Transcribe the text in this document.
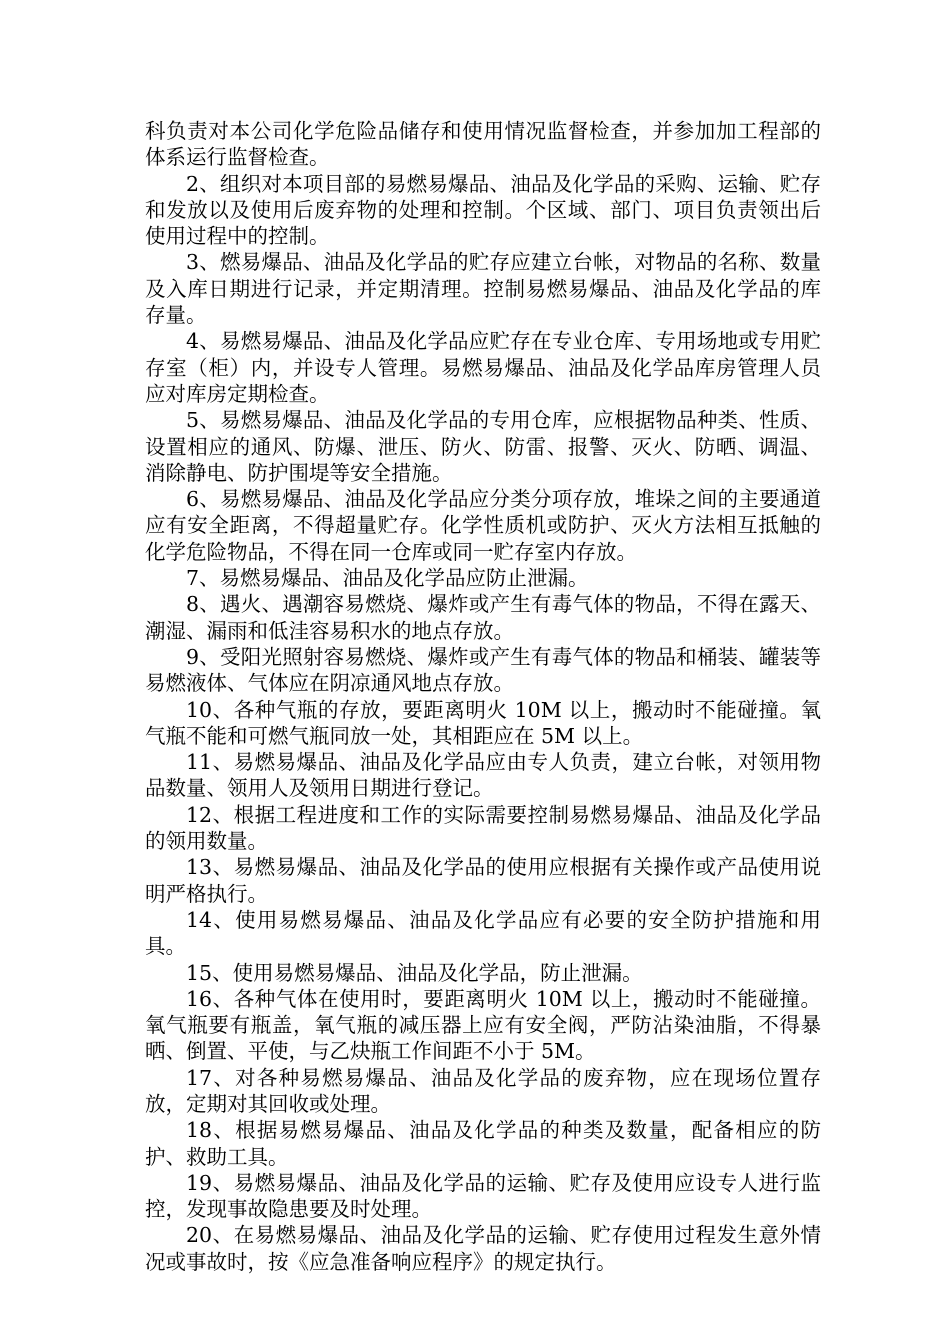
科负责对本公司化学危险品储存和使用情况监督检查，并参加加工程部的体系运行监督检查。

2、组织对本项目部的易燃易爆品、油品及化学品的采购、运输、贮存和发放以及使用后废弃物的处理和控制。个区域、部门、项目负责领出后使用过程中的控制。

3、燃易爆品、油品及化学品的贮存应建立台帐，对物品的名称、数量及入库日期进行记录，并定期清理。控制易燃易爆品、油品及化学品的库存量。

4、易燃易爆品、油品及化学品应贮存在专业仓库、专用场地或专用贮存室（柜）内，并设专人管理。易燃易爆品、油品及化学品库房管理人员应对库房定期检查。

5、易燃易爆品、油品及化学品的专用仓库，应根据物品种类、性质、设置相应的通风、防爆、泄压、防火、防雷、报警、灭火、防晒、调温、消除静电、防护围堤等安全措施。

6、易燃易爆品、油品及化学品应分类分项存放，堆垛之间的主要通道应有安全距离，不得超量贮存。化学性质机或防护、灭火方法相互抵触的化学危险物品，不得在同一仓库或同一贮存室内存放。

7、易燃易爆品、油品及化学品应防止泄漏。

8、遇火、遇潮容易燃烧、爆炸或产生有毒气体的物品，不得在露天、潮湿、漏雨和低洼容易积水的地点存放。

9、受阳光照射容易燃烧、爆炸或产生有毒气体的物品和桶装、罐装等易燃液体、气体应在阴凉通风地点存放。

10、各种气瓶的存放，要距离明火 10M 以上，搬动时不能碰撞。氧气瓶不能和可燃气瓶同放一处，其相距应在 5M 以上。

11、易燃易爆品、油品及化学品应由专人负责，建立台帐，对领用物品数量、领用人及领用日期进行登记。

12、根据工程进度和工作的实际需要控制易燃易爆品、油品及化学品的领用数量。

13、易燃易爆品、油品及化学品的使用应根据有关操作或产品使用说明严格执行。

14、使用易燃易爆品、油品及化学品应有必要的安全防护措施和用具。

15、使用易燃易爆品、油品及化学品，防止泄漏。

16、各种气体在使用时，要距离明火 10M 以上，搬动时不能碰撞。氧气瓶要有瓶盖，氧气瓶的减压器上应有安全阀，严防沾染油脂，不得暴晒、倒置、平使，与乙炔瓶工作间距不小于 5M。

17、对各种易燃易爆品、油品及化学品的废弃物，应在现场位置存放，定期对其回收或处理。

18、根据易燃易爆品、油品及化学品的种类及数量，配备相应的防护、救助工具。

19、易燃易爆品、油品及化学品的运输、贮存及使用应设专人进行监控，发现事故隐患要及时处理。

20、在易燃易爆品、油品及化学品的运输、贮存使用过程发生意外情况或事故时，按《应急准备响应程序》的规定执行。
